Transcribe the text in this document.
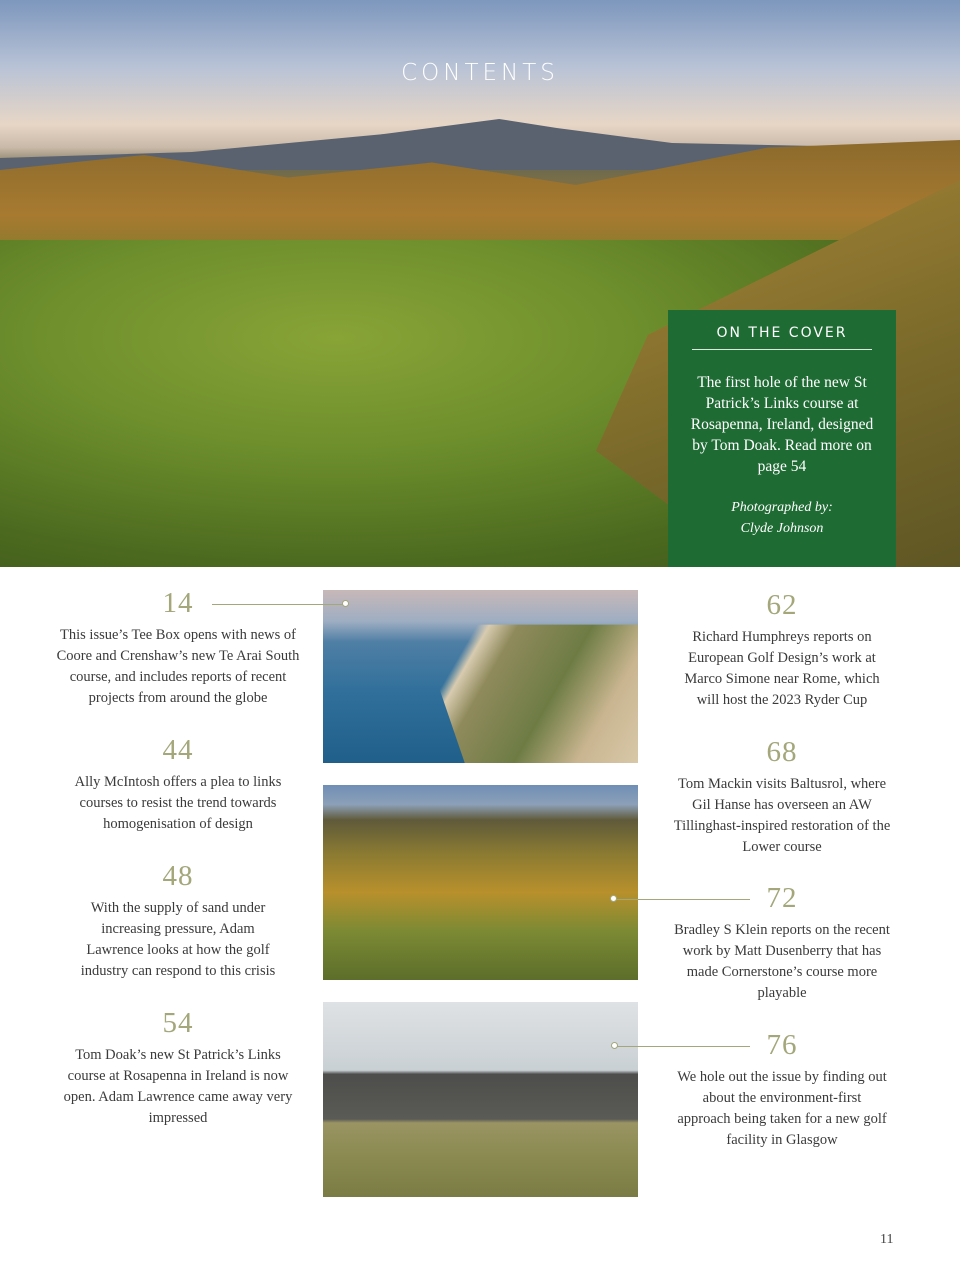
CONTENTS
ON THE COVER
The first hole of the new St Patrick’s Links course at Rosapenna, Ireland, designed by Tom Doak. Read more on page 54
Photographed by:
Clyde Johnson
14
This issue’s Tee Box opens with news of Coore and Crenshaw’s new Te Arai South course, and includes reports of recent projects from around the globe
44
Ally McIntosh offers a plea to links courses to resist the trend towards homogenisation of design
48
With the supply of sand under increasing pressure, Adam Lawrence looks at how the golf industry can respond to this crisis
54
Tom Doak’s new St Patrick’s Links course at Rosapenna in Ireland is now open. Adam Lawrence came away very impressed
62
Richard Humphreys reports on European Golf Design’s work at Marco Simone near Rome, which will host the 2023 Ryder Cup
68
Tom Mackin visits Baltusrol, where Gil Hanse has overseen an AW Tillinghast-inspired restoration of the Lower course
72
Bradley S Klein reports on the recent work by Matt Dusenberry that has made Cornerstone’s course more playable
76
We hole out the issue by finding out about the environment-first approach being taken for a new golf facility in Glasgow
11
